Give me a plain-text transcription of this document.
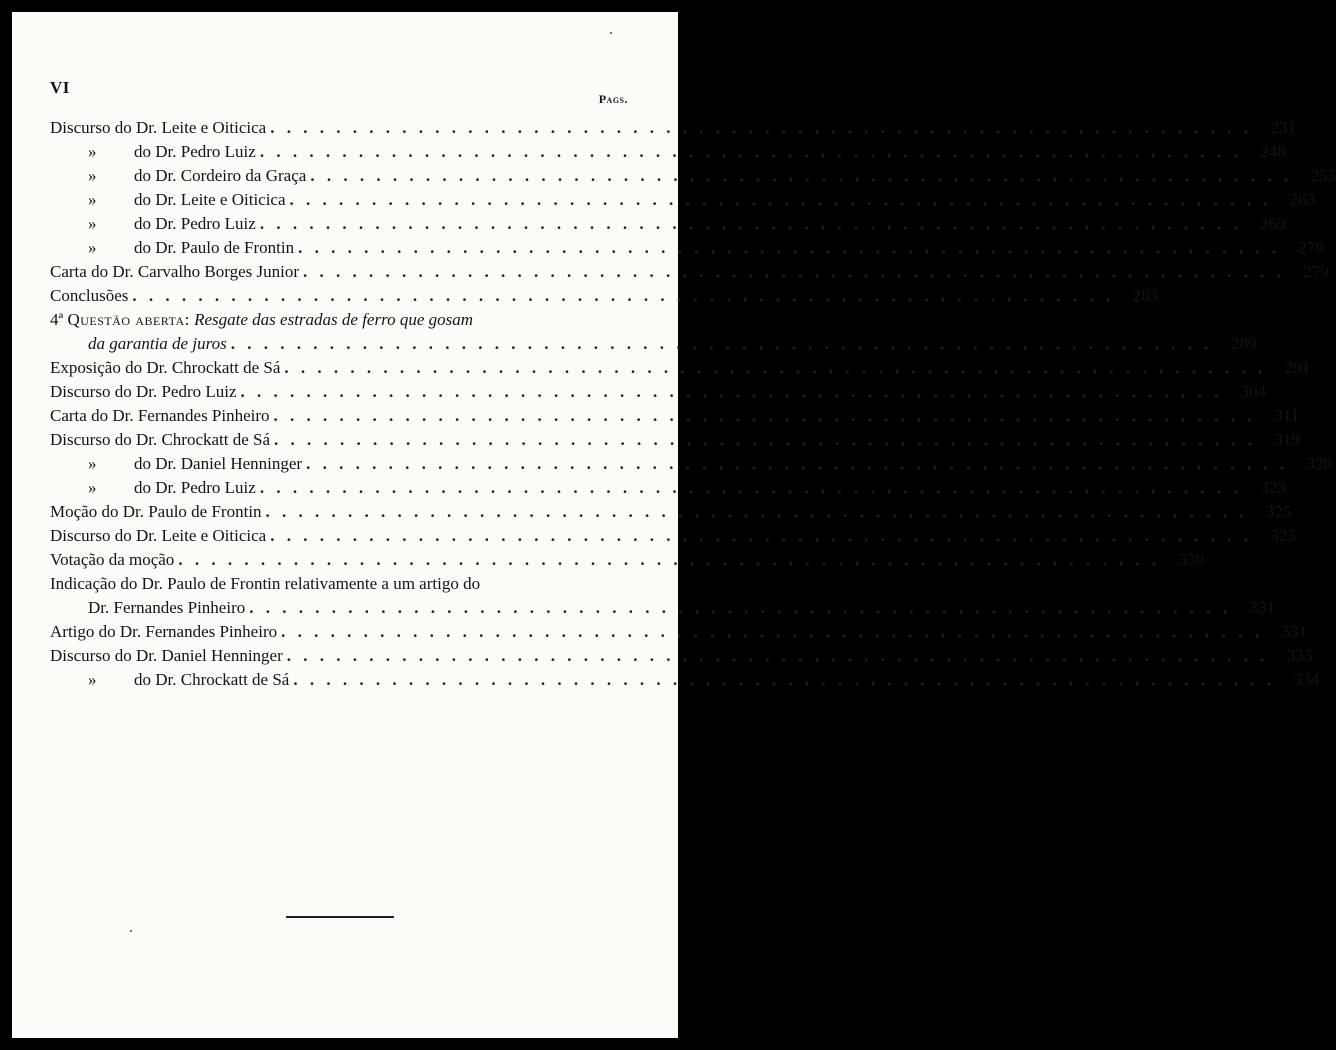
VI
Pags.
Discurso do Dr. Leite e Oiticica . . .	231
» do Dr. Pedro Luiz . . .	248
» do Dr. Cordeiro da Graça . . .	253
» do Dr. Leite e Oiticica . . .	263
» do Dr. Pedro Luiz . . .	269
» do Dr. Paulo de Frontin . . .	270
Carta do Dr. Carvalho Borges Junior . . .	279
Conclusões . . .	283
4ª Questão aberta: Resgate das estradas de ferro que gosam
da garantia de juros . . .	289
Exposição do Dr. Chrockatt de Sá . . .	291
Discurso do Dr. Pedro Luiz . . .	304
Carta do Dr. Fernandes Pinheiro . . .	311
Discurso do Dr. Chrockatt de Sá . . .	319
» do Dr. Daniel Henninger . . .	320
» do Dr. Pedro Luiz . . .	323
Moção do Dr. Paulo de Frontin . . .	325
Discurso do Dr. Leite e Oiticica . . .	325
Votação da moção . . .	330
Indicação do Dr. Paulo de Frontin relativamente a um artigo do
Dr. Fernandes Pinheiro . . .	331
Artigo do Dr. Fernandes Pinheiro . . .	331
Discurso do Dr. Daniel Henninger . . .	333
» do Dr. Chrockatt de Sá . . .	334
